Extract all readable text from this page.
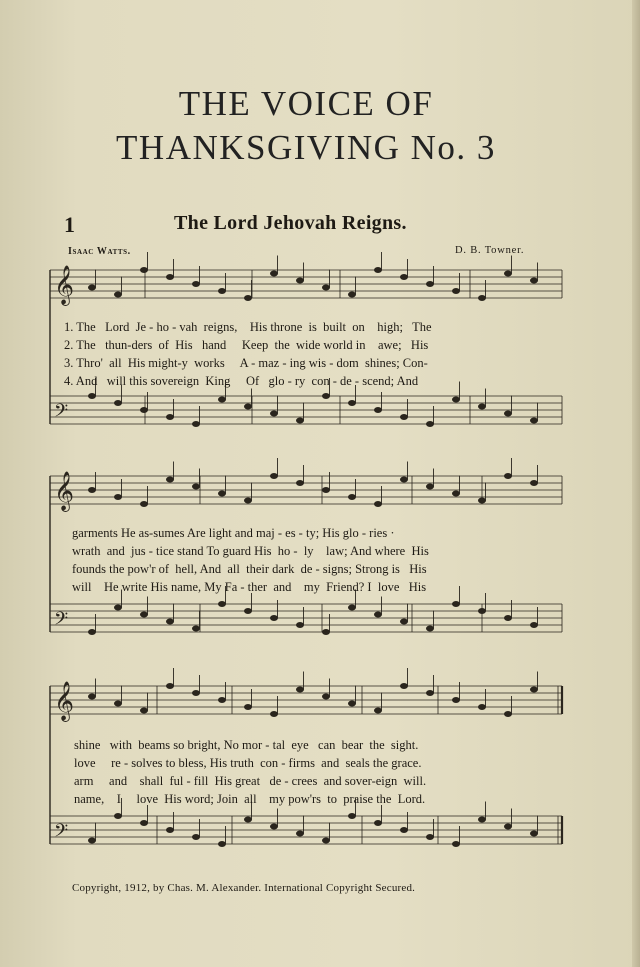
THE VOICE OF
THANKSGIVING No. 3
1	The Lord Jehovah Reigns.
Isaac Watts.	D. B. Towner.
𝄞
𝄢
𝄞
𝄢
𝄞
𝄢
1. The   Lord  Je - ho - vah  reigns,    His throne  is  built  on    high;   The
2. The   thun-ders  of  His   hand     Keep  the  wide world in    awe;   His
3. Thro'  all  His might-y  works     A - maz - ing wis - dom  shines; Con-
4. And   will this sovereign  King     Of   glo - ry  con - de - scend; And
garments He as-sumes Are light and maj - es - ty; His glo - ries ·
wrath  and  jus - tice stand To guard His  ho -  ly    law; And where  His
founds the pow'r of  hell, And  all  their dark  de - signs; Strong is   His
will    He write His name, My Fa - ther  and    my  Friend? I  love   His
shine   with  beams so bright, No mor - tal  eye   can  bear  the  sight.
love     re - solves to bless, His truth  con - firms  and  seals the grace.
arm     and    shall  ful - fill  His great   de - crees  and sover-eign  will.
name,    I     love  His word; Join  all    my pow'rs  to  praise the  Lord.
Copyright, 1912, by Chas. M. Alexander. International Copyright Secured.
